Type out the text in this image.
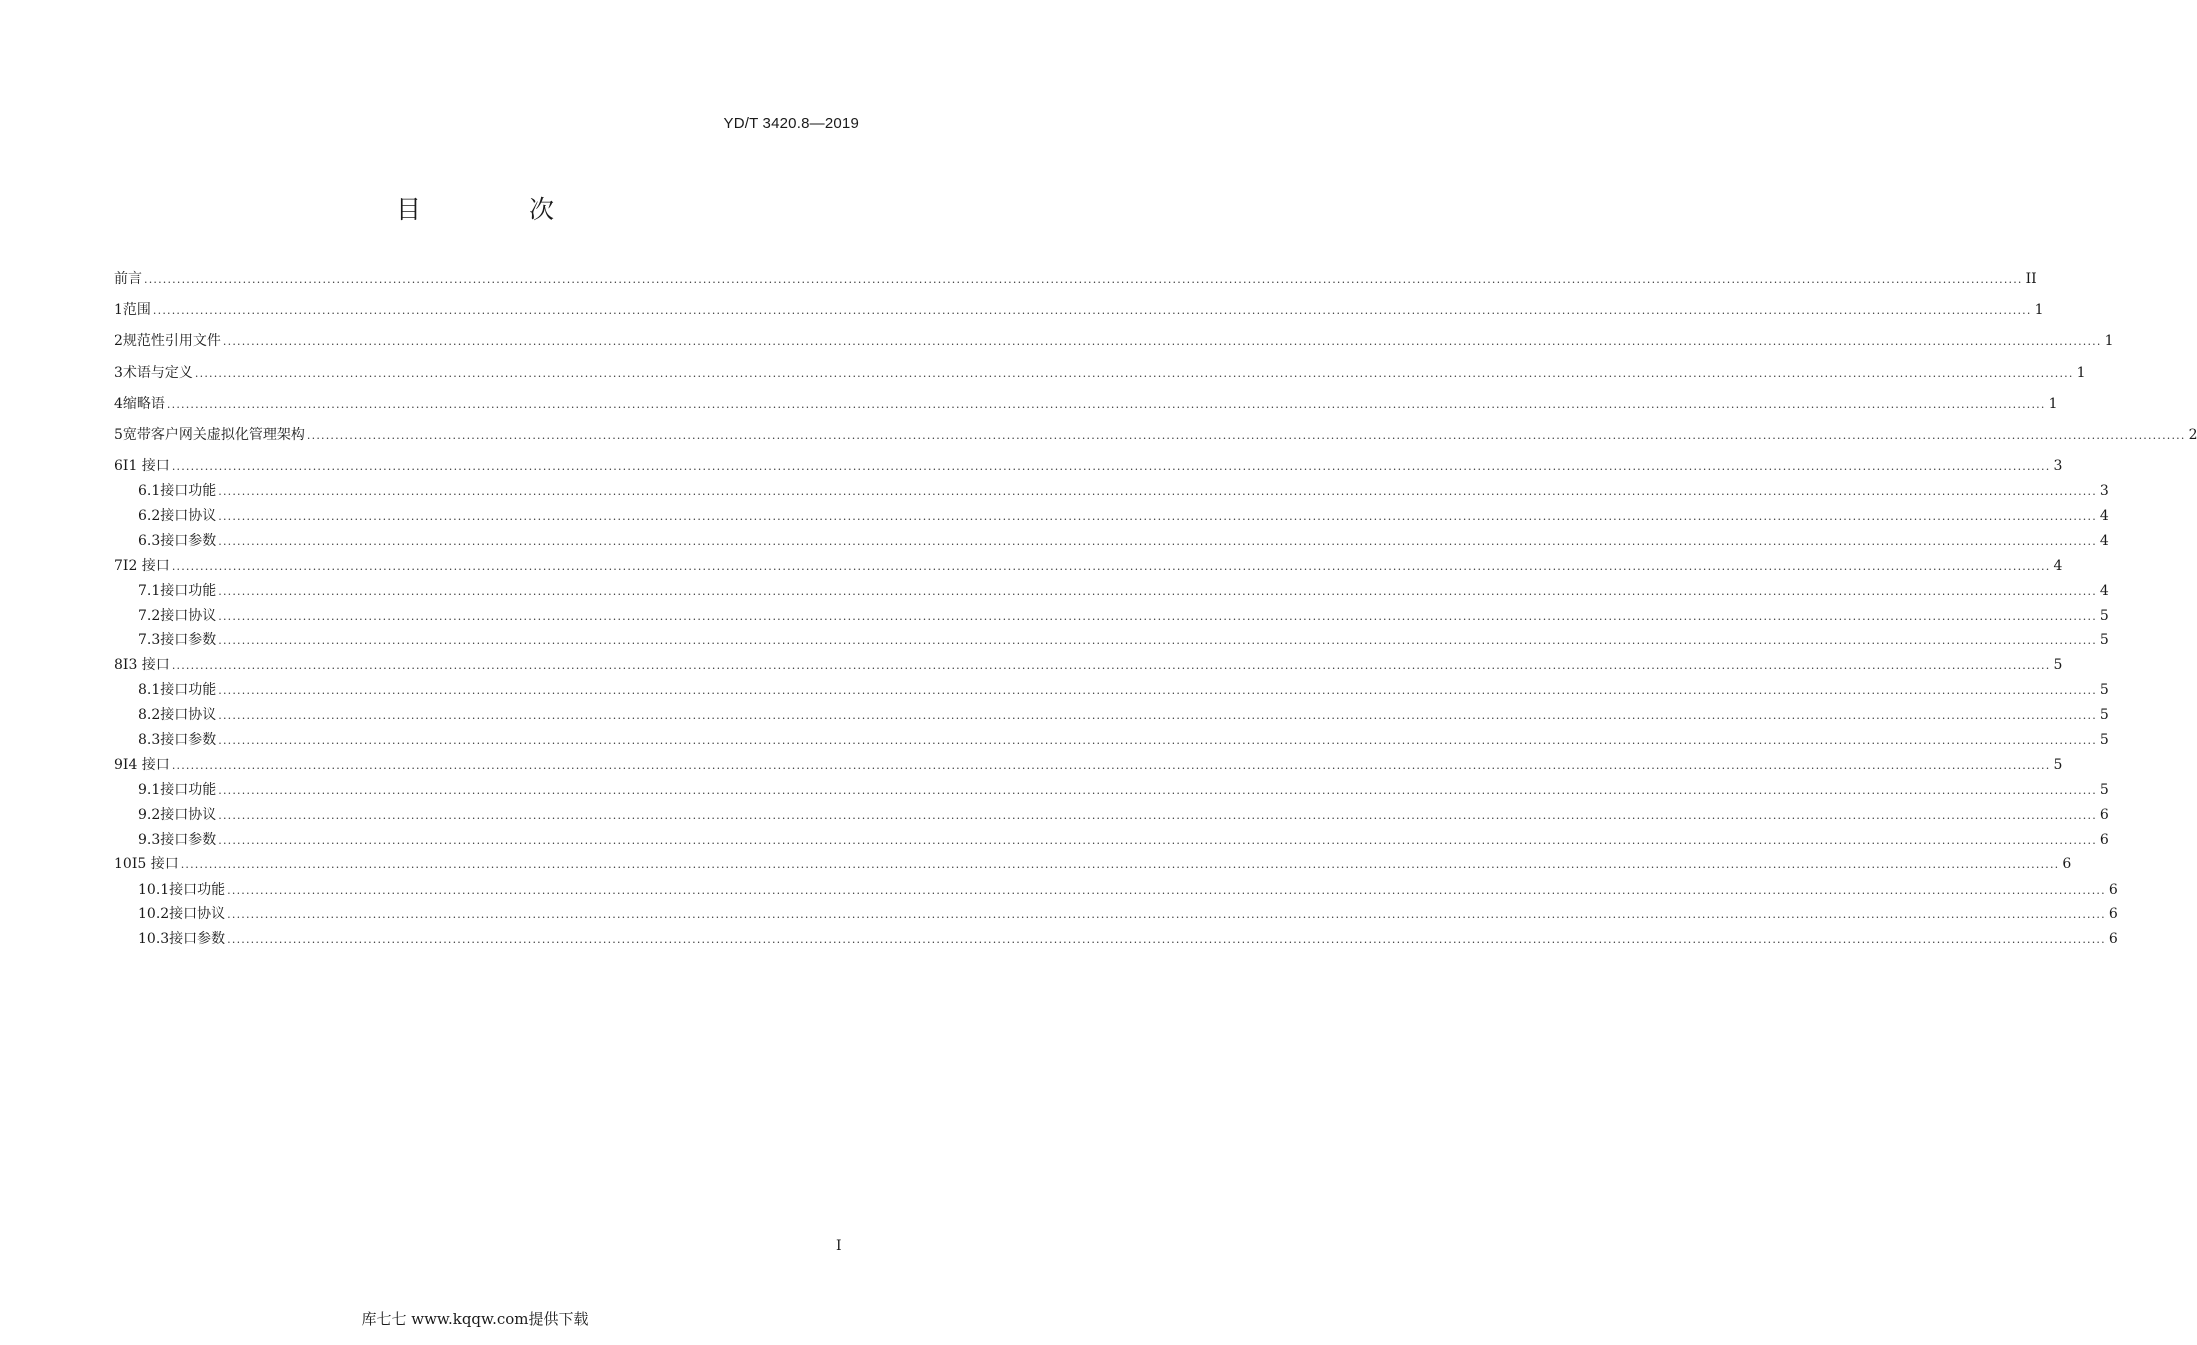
YD/T 3420.8—2019
目 次
前言 ................................................................................................................................................................................................................................................................................................................................................................................................................ II
1 范围 ................................................................................................................................................................................................................................................................................................................................................................................................................ 1
2 规范性引用文件 ................................................................................................................................................................................................................................................................................................................................................................................................................ 1
3 术语与定义 ................................................................................................................................................................................................................................................................................................................................................................................................................ 1
4 缩略语 ................................................................................................................................................................................................................................................................................................................................................................................................................ 1
5 宽带客户网关虚拟化管理架构 ................................................................................................................................................................................................................................................................................................................................................................................................................ 2
6 I1 接口 ................................................................................................................................................................................................................................................................................................................................................................................................................ 3
6.1 接口功能 ................................................................................................................................................................................................................................................................................................................................................................................................................ 3
6.2 接口协议 ................................................................................................................................................................................................................................................................................................................................................................................................................ 4
6.3 接口参数 ................................................................................................................................................................................................................................................................................................................................................................................................................ 4
7 I2 接口 ................................................................................................................................................................................................................................................................................................................................................................................................................ 4
7.1 接口功能 ................................................................................................................................................................................................................................................................................................................................................................................................................ 4
7.2 接口协议 ................................................................................................................................................................................................................................................................................................................................................................................................................ 5
7.3 接口参数 ................................................................................................................................................................................................................................................................................................................................................................................................................ 5
8 I3 接口 ................................................................................................................................................................................................................................................................................................................................................................................................................ 5
8.1 接口功能 ................................................................................................................................................................................................................................................................................................................................................................................................................ 5
8.2 接口协议 ................................................................................................................................................................................................................................................................................................................................................................................................................ 5
8.3 接口参数 ................................................................................................................................................................................................................................................................................................................................................................................................................ 5
9 I4 接口 ................................................................................................................................................................................................................................................................................................................................................................................................................ 5
9.1 接口功能 ................................................................................................................................................................................................................................................................................................................................................................................................................ 5
9.2 接口协议 ................................................................................................................................................................................................................................................................................................................................................................................................................ 6
9.3 接口参数 ................................................................................................................................................................................................................................................................................................................................................................................................................ 6
10 I5 接口 ................................................................................................................................................................................................................................................................................................................................................................................................................ 6
10.1 接口功能 ................................................................................................................................................................................................................................................................................................................................................................................................................ 6
10.2 接口协议 ................................................................................................................................................................................................................................................................................................................................................................................................................ 6
10.3 接口参数 ................................................................................................................................................................................................................................................................................................................................................................................................................ 6
I
库七七 www.kqqw.com提供下载
